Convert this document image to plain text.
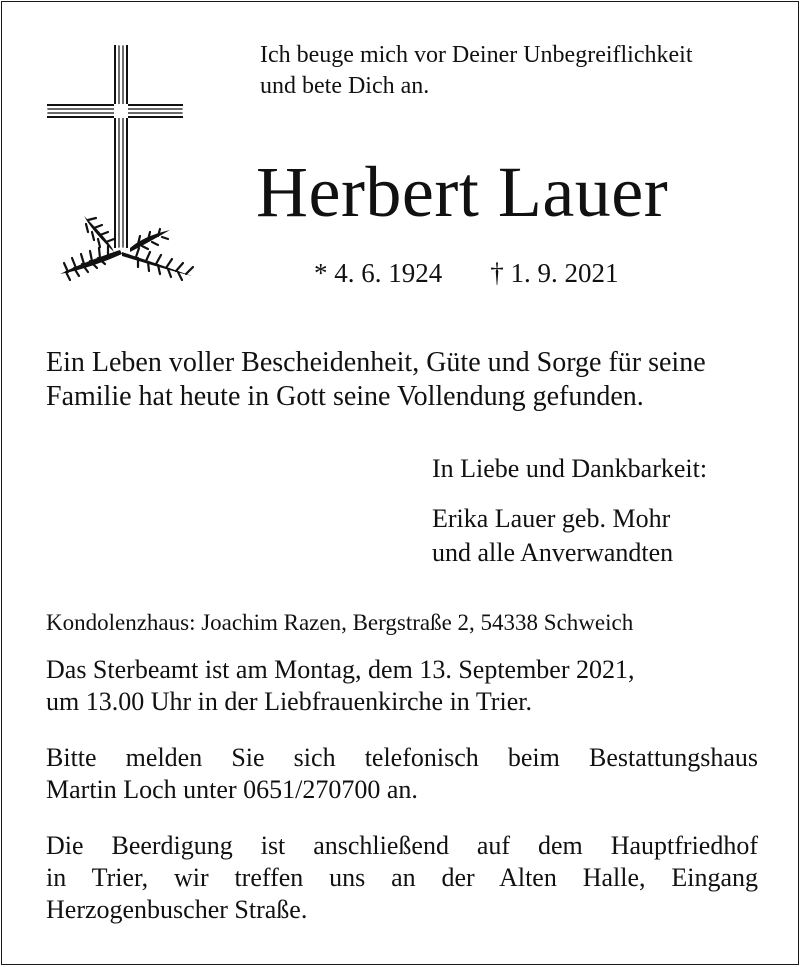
Ich beuge mich vor Deiner Unbegreiflichkeit
und bete Dich an.
Herbert Lauer
* 4. 6. 1924 † 1. 9. 2021
Ein Leben voller Bescheidenheit, Güte und Sorge für seine
Familie hat heute in Gott seine Vollendung gefunden.
In Liebe und Dankbarkeit:
Erika Lauer geb. Mohr
und alle Anverwandten
Kondolenzhaus: Joachim Razen, Bergstraße 2, 54338 Schweich
Das Sterbeamt ist am Montag, dem 13. September 2021,
um 13.00 Uhr in der Liebfrauenkirche in Trier.
Bitte melden Sie sich telefonisch beim Bestattungshaus
Martin Loch unter 0651/270700 an.
Die Beerdigung ist anschließend auf dem Hauptfriedhof
in Trier, wir treffen uns an der Alten Halle, Eingang
Herzogenbuscher Straße.
